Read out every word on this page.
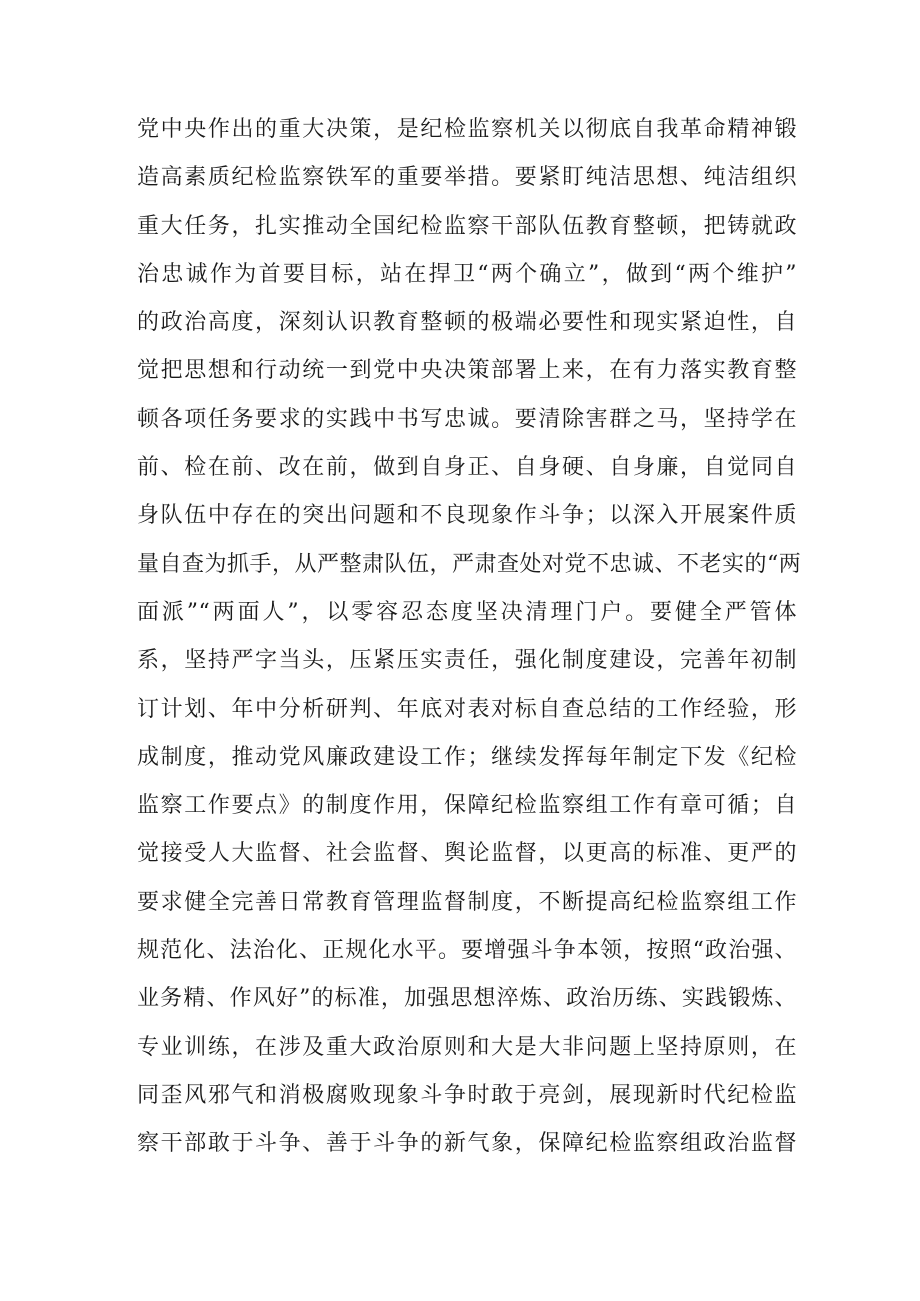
党中央作出的重大决策，是纪检监察机关以彻底自我革命精神锻
造高素质纪检监察铁军的重要举措。要紧盯纯洁思想、纯洁组织
重大任务，扎实推动全国纪检监察干部队伍教育整顿，把铸就政
治忠诚作为首要目标，站在捍卫“两个确立”，做到“两个维护”
的政治高度，深刻认识教育整顿的极端必要性和现实紧迫性，自
觉把思想和行动统一到党中央决策部署上来，在有力落实教育整
顿各项任务要求的实践中书写忠诚。要清除害群之马，坚持学在
前、检在前、改在前，做到自身正、自身硬、自身廉，自觉同自
身队伍中存在的突出问题和不良现象作斗争；以深入开展案件质
量自查为抓手，从严整肃队伍，严肃查处对党不忠诚、不老实的“两
面派”“两面人”，以零容忍态度坚决清理门户。要健全严管体
系，坚持严字当头，压紧压实责任，强化制度建设，完善年初制
订计划、年中分析研判、年底对表对标自查总结的工作经验，形
成制度，推动党风廉政建设工作；继续发挥每年制定下发《纪检
监察工作要点》的制度作用，保障纪检监察组工作有章可循；自
觉接受人大监督、社会监督、舆论监督，以更高的标准、更严的
要求健全完善日常教育管理监督制度，不断提高纪检监察组工作
规范化、法治化、正规化水平。要增强斗争本领，按照“政治强、
业务精、作风好”的标准，加强思想淬炼、政治历练、实践锻炼、
专业训练，在涉及重大政治原则和大是大非问题上坚持原则，在
同歪风邪气和消极腐败现象斗争时敢于亮剑，展现新时代纪检监
察干部敢于斗争、善于斗争的新气象，保障纪检监察组政治监督
